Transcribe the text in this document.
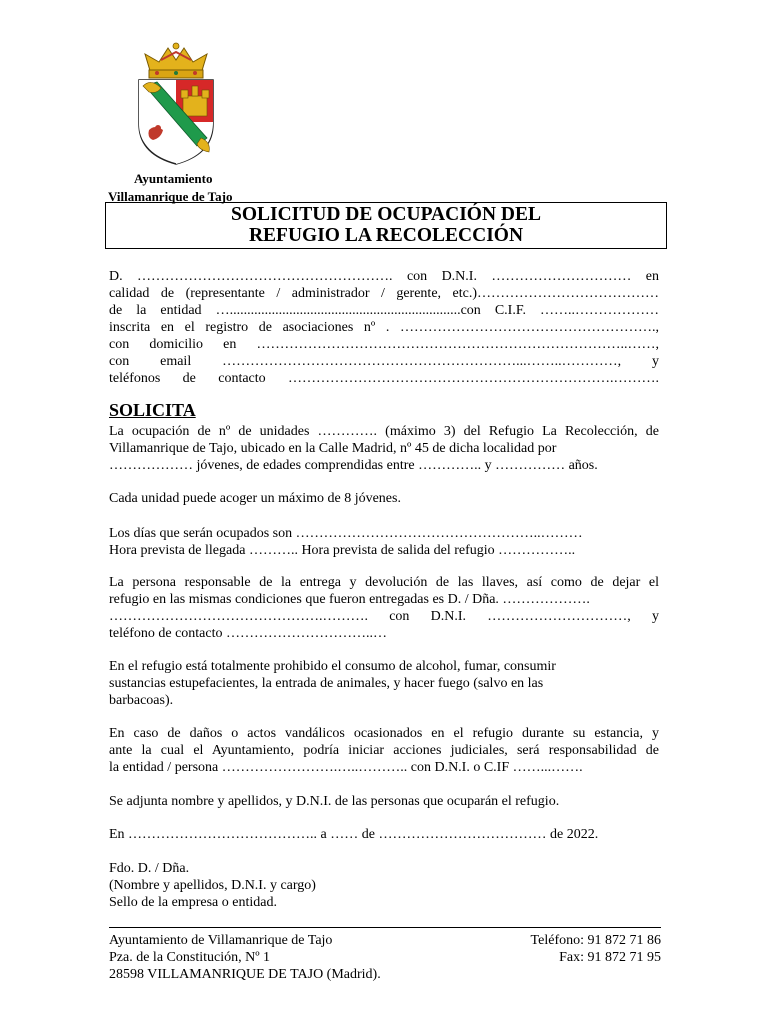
Ayuntamiento
Villamanrique de Tajo
SOLICITUD DE OCUPACIÓN DEL
REFUGIO LA RECOLECCIÓN
D. ………………………………………………. con D.N.I. ………………………… en
calidad de (representante / administrador / gerente, etc.)…………………………………
de la entidad …..................................................................con C.I.F. ……..………………
inscrita en el registro de asociaciones nº . ……………………………………………….,
con domicilio en ……………………………………………………………………..……,
con email ………………………………………………………...……..…………, y
teléfonos de contacto …………………………………………………………….……….
SOLICITA
La ocupación de nº de unidades …………. (máximo 3) del Refugio La Recolección, de
Villamanrique de Tajo, ubicado en la Calle Madrid, nº 45 de dicha localidad por
……………… jóvenes, de edades comprendidas entre ………….. y …………… años.
Cada unidad puede acoger un máximo de 8 jóvenes.
Los días que serán ocupados son ……………………………………………..………
Hora prevista de llegada ……….. Hora prevista de salida del refugio ……………..
La persona responsable de la entrega y devolución de las llaves, así como de dejar el
refugio en las mismas condiciones que fueron entregadas es D. / Dña. ……………….
……………………………………….………. con D.N.I. …………………………, y
teléfono de contacto …………………………..…
En el refugio está totalmente prohibido el consumo de alcohol, fumar, consumir
sustancias estupefacientes, la entrada de animales, y hacer fuego (salvo en las
barbacoas).
En caso de daños o actos vandálicos ocasionados en el refugio durante su estancia, y
ante la cual el Ayuntamiento, podría iniciar acciones judiciales, será responsabilidad de
la entidad / persona …………………….…..……….. con D.N.I. o C.IF ……...…….
Se adjunta nombre y apellidos, y D.N.I. de las personas que ocuparán el refugio.
En ………………………………….. a …… de ……………………………… de 2022.
Fdo. D. / Dña.
(Nombre y apellidos, D.N.I. y cargo)
Sello de la empresa o entidad.
Ayuntamiento de Villamanrique de Tajo
Pza. de la Constitución, Nº 1
28598 VILLAMANRIQUE DE TAJO (Madrid).
Teléfono: 91 872 71 86
Fax: 91 872 71 95
